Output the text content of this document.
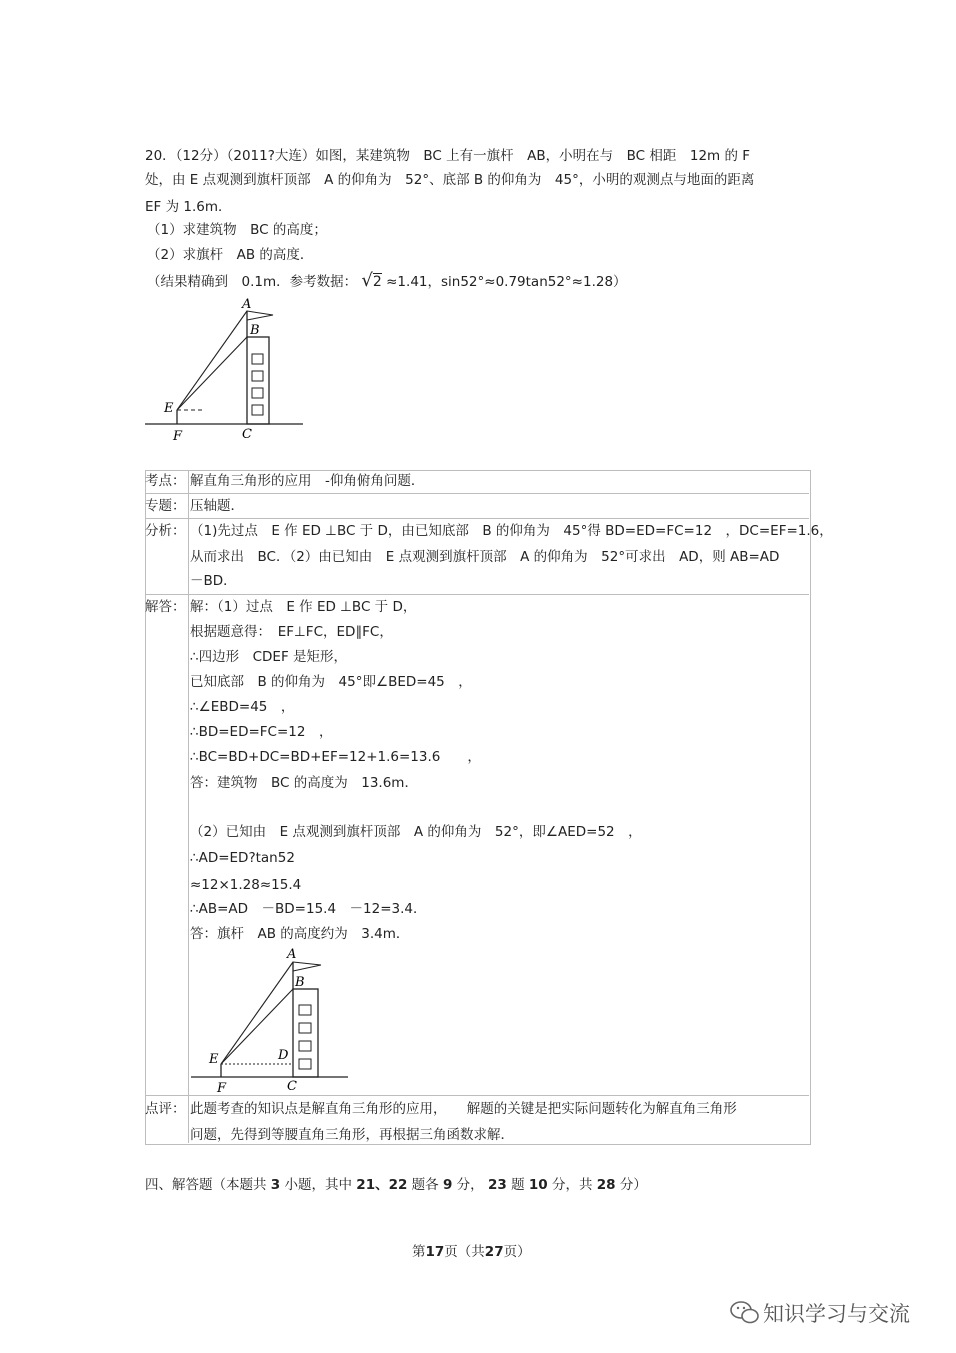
20．（12分）（2011?大连）如图，某建筑物　BC 上有一旗杆　AB，小明在与　BC 相距　12m 的 F
处，由 E 点观测到旗杆顶部　A 的仰角为　52°、底部 B 的仰角为　45°，小明的观测点与地面的距离
EF 为 1.6m．
（1）求建筑物　BC 的高度；
（2）求旗杆　AB 的高度．
（结果精确到　0.1m．参考数据： √2 ≈1.41，sin52°≈0.79tan52°≈1.28）
A
B
E
F	C
考点： 解直角三角形的应用　-仰角俯角问题．
专题： 压轴题．
分析： （1)先过点　E 作 ED ⊥BC 于 D，由已知底部　B 的仰角为　45°得 BD=ED=FC=12　，DC=EF=1.6，
从而求出　BC．（2）由已知由　E 点观测到旗杆顶部　A 的仰角为　52°可求出　AD，则 AB=AD
－BD．
解答： 解：（1）过点　E 作 ED ⊥BC 于 D，
根据题意得：　EF⊥FC，ED∥FC，
∴四边形　CDEF 是矩形，
已知底部　B 的仰角为　45°即∠BED=45　，
∴∠EBD=45　，
∴BD=ED=FC=12　，
∴BC=BD+DC=BD+EF=12+1.6=13.6　　，
答：建筑物　BC 的高度为　13.6m．
（2）已知由　E 点观测到旗杆顶部　A 的仰角为　52°，即∠AED=52　，
∴AD=ED?tan52
≈12×1.28≈15.4
∴AB=AD　－BD=15.4　－12=3.4．
答：旗杆　AB 的高度约为　3.4m．
A
B
E	D
F	C
点评： 此题考查的知识点是解直角三角形的应用，　　解题的关键是把实际问题转化为解直角三角形
问题，先得到等腰直角三角形，再根据三角函数求解．
四、解答题（本题共 3 小题，其中 21、22 题各 9 分， 23 题 10 分，共 28 分）
第17页（共27页）
知识学习与交流
